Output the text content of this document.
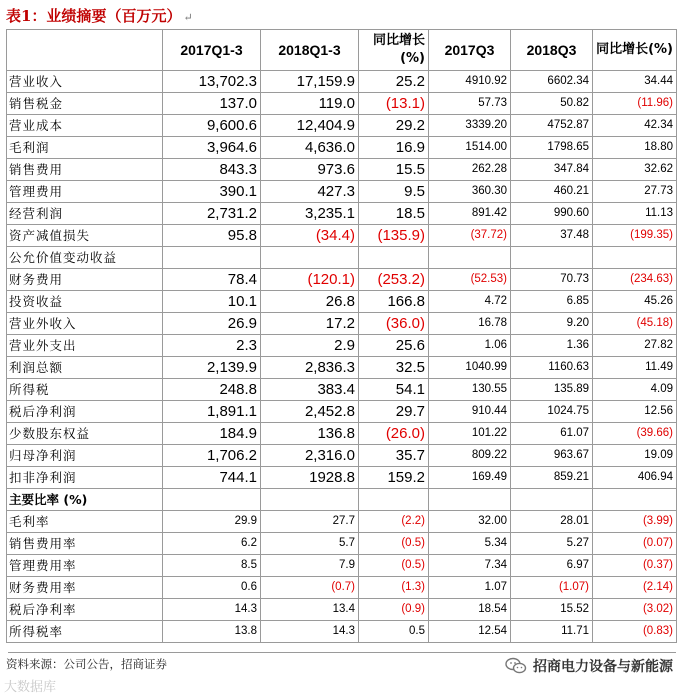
表1：业绩摘要（百万元） ↵
	2017Q1-3	2018Q1-3	同比增长(%)	2017Q3	2018Q3	同比增长(%)
营业收入	13,702.3	17,159.9	25.2	4910.92	6602.34	34.44
销售税金	137.0	119.0	(13.1)	57.73	50.82	(11.96)
营业成本	9,600.6	12,404.9	29.2	3339.20	4752.87	42.34
毛利润	3,964.6	4,636.0	16.9	1514.00	1798.65	18.80
销售费用	843.3	973.6	15.5	262.28	347.84	32.62
管理费用	390.1	427.3	9.5	360.30	460.21	27.73
经营利润	2,731.2	3,235.1	18.5	891.42	990.60	11.13
资产减值损失	95.8	(34.4)	(135.9)	(37.72)	37.48	(199.35)
公允价值变动收益						
财务费用	78.4	(120.1)	(253.2)	(52.53)	70.73	(234.63)
投资收益	10.1	26.8	166.8	4.72	6.85	45.26
营业外收入	26.9	17.2	(36.0)	16.78	9.20	(45.18)
营业外支出	2.3	2.9	25.6	1.06	1.36	27.82
利润总额	2,139.9	2,836.3	32.5	1040.99	1160.63	11.49
所得税	248.8	383.4	54.1	130.55	135.89	4.09
税后净利润	1,891.1	2,452.8	29.7	910.44	1024.75	12.56
少数股东权益	184.9	136.8	(26.0)	101.22	61.07	(39.66)
归母净利润	1,706.2	2,316.0	35.7	809.22	963.67	19.09
扣非净利润	744.1	1928.8	159.2	169.49	859.21	406.94
主要比率 (%)						
毛利率	29.9	27.7	(2.2)	32.00	28.01	(3.99)
销售费用率	6.2	5.7	(0.5)	5.34	5.27	(0.07)
管理费用率	8.5	7.9	(0.5)	7.34	6.97	(0.37)
财务费用率	0.6	(0.7)	(1.3)	1.07	(1.07)	(2.14)
税后净利率	14.3	13.4	(0.9)	18.54	15.52	(3.02)
所得税率	13.8	14.3	0.5	12.54	11.71	(0.83)
资料来源：公司公告，招商证券	招商电力设备与新能源
大数据库
